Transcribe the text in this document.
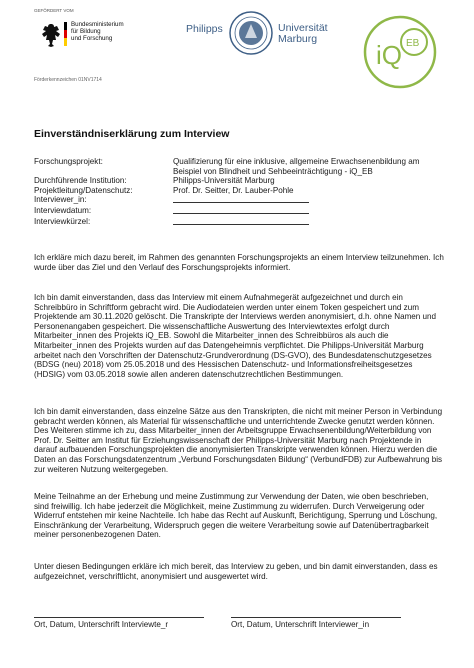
GEFÖRDERT VOM
Bundesministerium
für Bildung
und Forschung
Förderkennzeichen 01NV1714
Philipps	Universität
Marburg
iQ EB
Einverständniserklärung zum Interview
Forschungsprojekt:	Qualifizierung für eine inklusive, allgemeine Erwachsenenbildung am Beispiel von Blindheit und Sehbeeinträchtigung - iQ_EB
Durchführende Institution:	Philipps-Universität Marburg
Projektleitung/Datenschutz:	Prof. Dr. Seitter, Dr. Lauber-Pohle
Interviewer_in:
Interviewdatum:
Interviewkürzel:

Ich erkläre mich dazu bereit, im Rahmen des genannten Forschungsprojekts an einem Interview teilzunehmen. Ich wurde über das Ziel und den Verlauf des Forschungsprojekts informiert.

Ich bin damit einverstanden, dass das Interview mit einem Aufnahmegerät aufgezeichnet und durch ein Schreibbüro in Schriftform gebracht wird. Die Audiodateien werden unter einem Token gespeichert und zum Projektende am 30.11.2020 gelöscht. Die Transkripte der Interviews werden anonymisiert, d.h. ohne Namen und Personenangaben gespeichert. Die wissenschaftliche Auswertung des Interviewtextes erfolgt durch Mitarbeiter_innen des Projekts iQ_EB. Sowohl die Mitarbeiter_innen des Schreibbüros als auch die Mitarbeiter_innen des Projekts wurden auf das Datengeheimnis verpflichtet. Die Philipps-Universität Marburg arbeitet nach den Vorschriften der Datenschutz-Grundverordnung (DS-GVO), des Bundesdatenschutzgesetzes (BDSG (neu) 2018) vom 25.05.2018 und des Hessischen Datenschutz- und Informationsfreiheitsgesetzes (HDSIG) vom 03.05.2018 sowie allen anderen datenschutzrechtlichen Bestimmungen.

Ich bin damit einverstanden, dass einzelne Sätze aus den Transkripten, die nicht mit meiner Person in Verbindung gebracht werden können, als Material für wissenschaftliche und unterrichtende Zwecke genutzt werden können. Des Weiteren stimme ich zu, dass Mitarbeiter_innen der Arbeitsgruppe Erwachsenenbildung/Weiterbildung von Prof. Dr. Seitter am Institut für Erziehungswissenschaft der Philipps-Universität Marburg nach Projektende in darauf aufbauenden Forschungsprojekten die anonymisierten Transkripte verwenden können. Hierzu werden die Daten an das Forschungsdatenzentrum „Verbund Forschungsdaten Bildung“ (VerbundFDB) zur Aufbewahrung bis zur weiteren Nutzung weitergegeben.

Meine Teilnahme an der Erhebung und meine Zustimmung zur Verwendung der Daten, wie oben beschrieben, sind freiwillig. Ich habe jederzeit die Möglichkeit, meine Zustimmung zu widerrufen. Durch Verweigerung oder Widerruf entstehen mir keine Nachteile. Ich habe das Recht auf Auskunft, Berichtigung, Sperrung und Löschung, Einschränkung der Verarbeitung, Widerspruch gegen die weitere Verarbeitung sowie auf Datenübertragbarkeit meiner personenbezogenen Daten.

Unter diesen Bedingungen erkläre ich mich bereit, das Interview zu geben, und bin damit einverstanden, dass es aufgezeichnet, verschriftlicht, anonymisiert und ausgewertet wird.

Ort, Datum, Unterschrift Interviewte_r	Ort, Datum, Unterschrift Interviewer_in
